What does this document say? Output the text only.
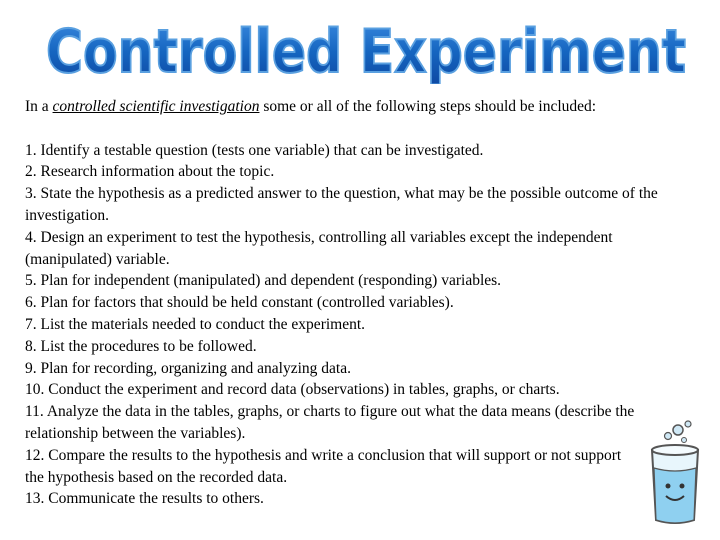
Controlled Experiment

In a controlled scientific investigation some or all of the following steps should be included:

1. Identify a testable question (tests one variable) that can be investigated.
2. Research information about the topic.
3. State the hypothesis as a predicted answer to the question, what may be the possible outcome of the investigation.
4. Design an experiment to test the hypothesis, controlling all variables except the independent (manipulated) variable.
5. Plan for independent (manipulated) and dependent (responding) variables.
6. Plan for factors that should be held constant (controlled variables).
7. List the materials needed to conduct the experiment.
8. List the procedures to be followed.
9. Plan for recording, organizing and analyzing data.
10. Conduct the experiment and record data (observations) in tables, graphs, or charts.
11. Analyze the data in the tables, graphs, or charts to figure out what the data means (describe the relationship between the variables).
12. Compare the results to the hypothesis and write a conclusion that will support or not support the hypothesis based on the recorded data.
13. Communicate the results to others.
